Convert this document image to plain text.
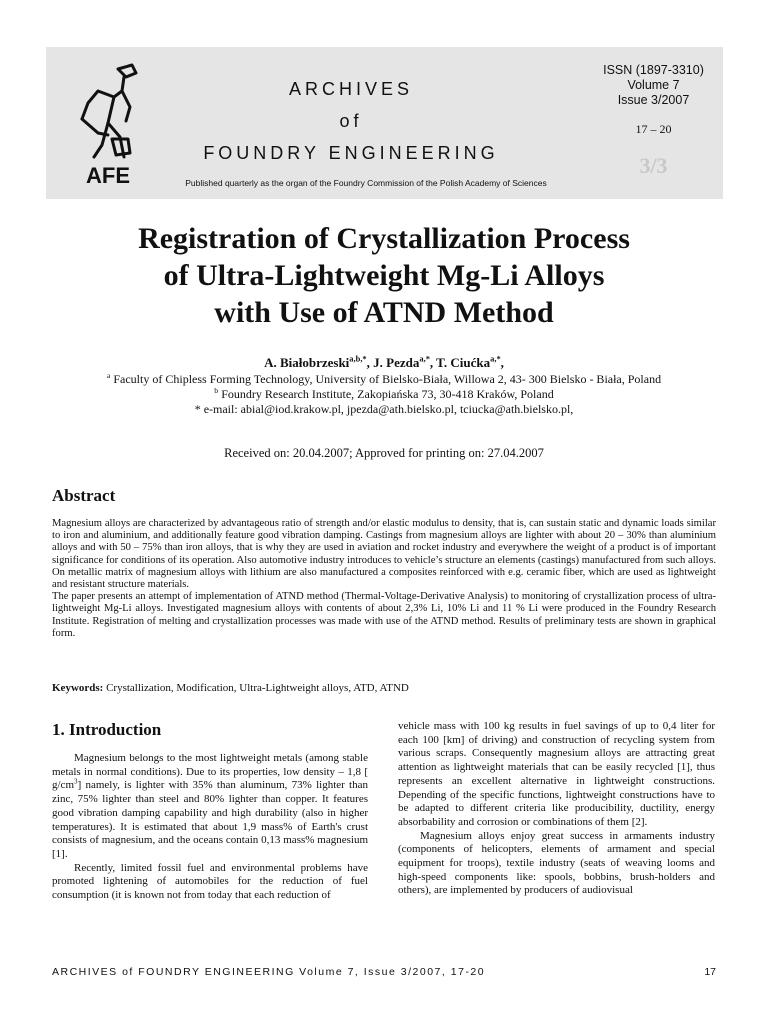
AFE
ARCHIVES
of
FOUNDRY ENGINEERING
Published quarterly as the organ of the Foundry Commission of the Polish Academy of Sciences
ISSN (1897-3310)
Volume 7
Issue 3/2007
17 – 20
3/3
Registration of Crystallization Process
of Ultra-Lightweight Mg-Li Alloys
with Use of ATND Method
A. Białobrzeski$^{a,b,*}$, J. Pezda$^{a,*}$, T. Ciućka$^{a,*}$,
$^a$ Faculty of Chipless Forming Technology, University of Bielsko-Biała, Willowa 2, 43- 300 Bielsko - Biała, Poland
$^b$ Foundry Research Institute, Zakopiańska 73, 30-418 Kraków, Poland
* e-mail: abial@iod.krakow.pl, jpezda@ath.bielsko.pl, tciucka@ath.bielsko.pl,
Received on: 20.04.2007; Approved for printing on: 27.04.2007
Abstract

Magnesium alloys are characterized by advantageous ratio of strength and/or elastic modulus to density, that is, can sustain static and dynamic loads similar to iron and aluminium, and additionally feature good vibration damping. Castings from magnesium alloys are lighter with about 20 – 30% than aluminium alloys and with 50 – 75% than iron alloys, that is why they are used in aviation and rocket industry and everywhere the weight of a product is of important significance for conditions of its operation. Also automotive industry introduces to vehicle’s structure an elements (castings) manufactured from such alloys. On metallic matrix of magnesium alloys with lithium are also manufactured a composites reinforced with e.g. ceramic fiber, which are used as lightweight and resistant structure materials.

The paper presents an attempt of implementation of ATND method (Thermal-Voltage-Derivative Analysis) to monitoring of crystallization process of ultra-lightweight Mg-Li alloys. Investigated magnesium alloys with contents of about 2,3% Li, 10% Li and 11 % Li were produced in the Foundry Research Institute. Registration of melting and crystallization processes was made with use of the ATND method. Results of preliminary tests are shown in graphical form.

Keywords: Crystallization, Modification, Ultra-Lightweight alloys, ATD, ATND
1. Introduction

Magnesium belongs to the most lightweight metals (among stable metals in normal conditions). Due to its properties, low density – 1,8 [ $g/cm^3$] namely, is lighter with 35% than aluminum, 73% lighter than zinc, 75% lighter than steel and 80% lighter than copper. It features good vibration damping capability and high durability (also in higher temperatures). It is estimated that about 1,9 mass% of Earth's crust consists of magnesium, and the oceans contain 0,13 mass% magnesium [1].

Recently, limited fossil fuel and environmental problems have promoted lightening of automobiles for the reduction of fuel consumption (it is known not from today that each reduction of

vehicle mass with 100 kg results in fuel savings of up to 0,4 liter for each 100 [km] of driving) and construction of recycling system from various scraps. Consequently magnesium alloys are attracting great attention as lightweight materials that can be easily recycled [1], thus represents an excellent alternative in lightweight constructions. Depending of the specific functions, lightweight constructions have to be adapted to different criteria like producibility, ductility, energy absorbability and corrosion or combinations of them [2].

Magnesium alloys enjoy great success in armaments industry (components of helicopters, elements of armament and special equipment for troops), textile industry (seats of weaving looms and high-speed components like: spools, bobbins, brush-holders and others), are implemented by producers of audiovisual

ARCHIVES of FOUNDRY ENGINEERING Volume 7, Issue 3/2007, 17-20	17
